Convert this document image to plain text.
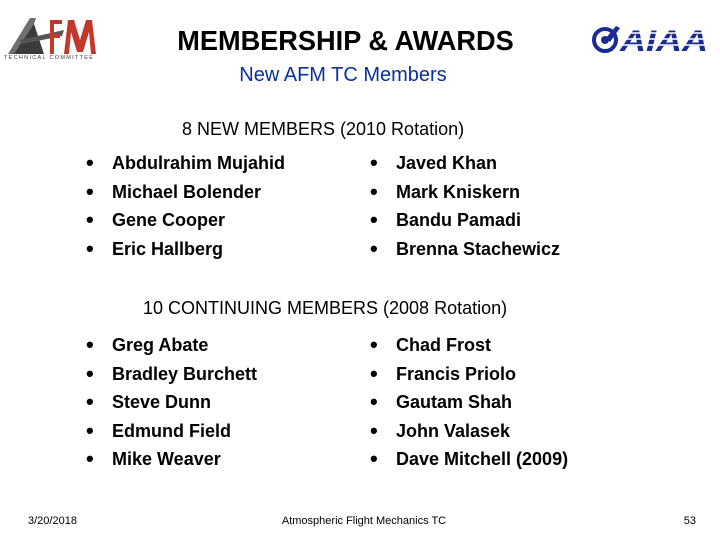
TECHNICAL COMMITTEE	AIAA
MEMBERSHIP & AWARDS
New AFM TC Members
8 NEW MEMBERS (2010 Rotation)
• Abdulrahim Mujahid
• Michael Bolender
• Gene Cooper
• Eric Hallberg
• Javed Khan
• Mark Kniskern
• Bandu Pamadi
• Brenna Stachewicz
10 CONTINUING MEMBERS (2008 Rotation)
• Greg Abate
• Bradley Burchett
• Steve Dunn
• Edmund Field
• Mike Weaver
• Chad Frost
• Francis Priolo
• Gautam Shah
• John Valasek
• Dave Mitchell (2009)
3/20/2018	Atmospheric Flight Mechanics TC	53
